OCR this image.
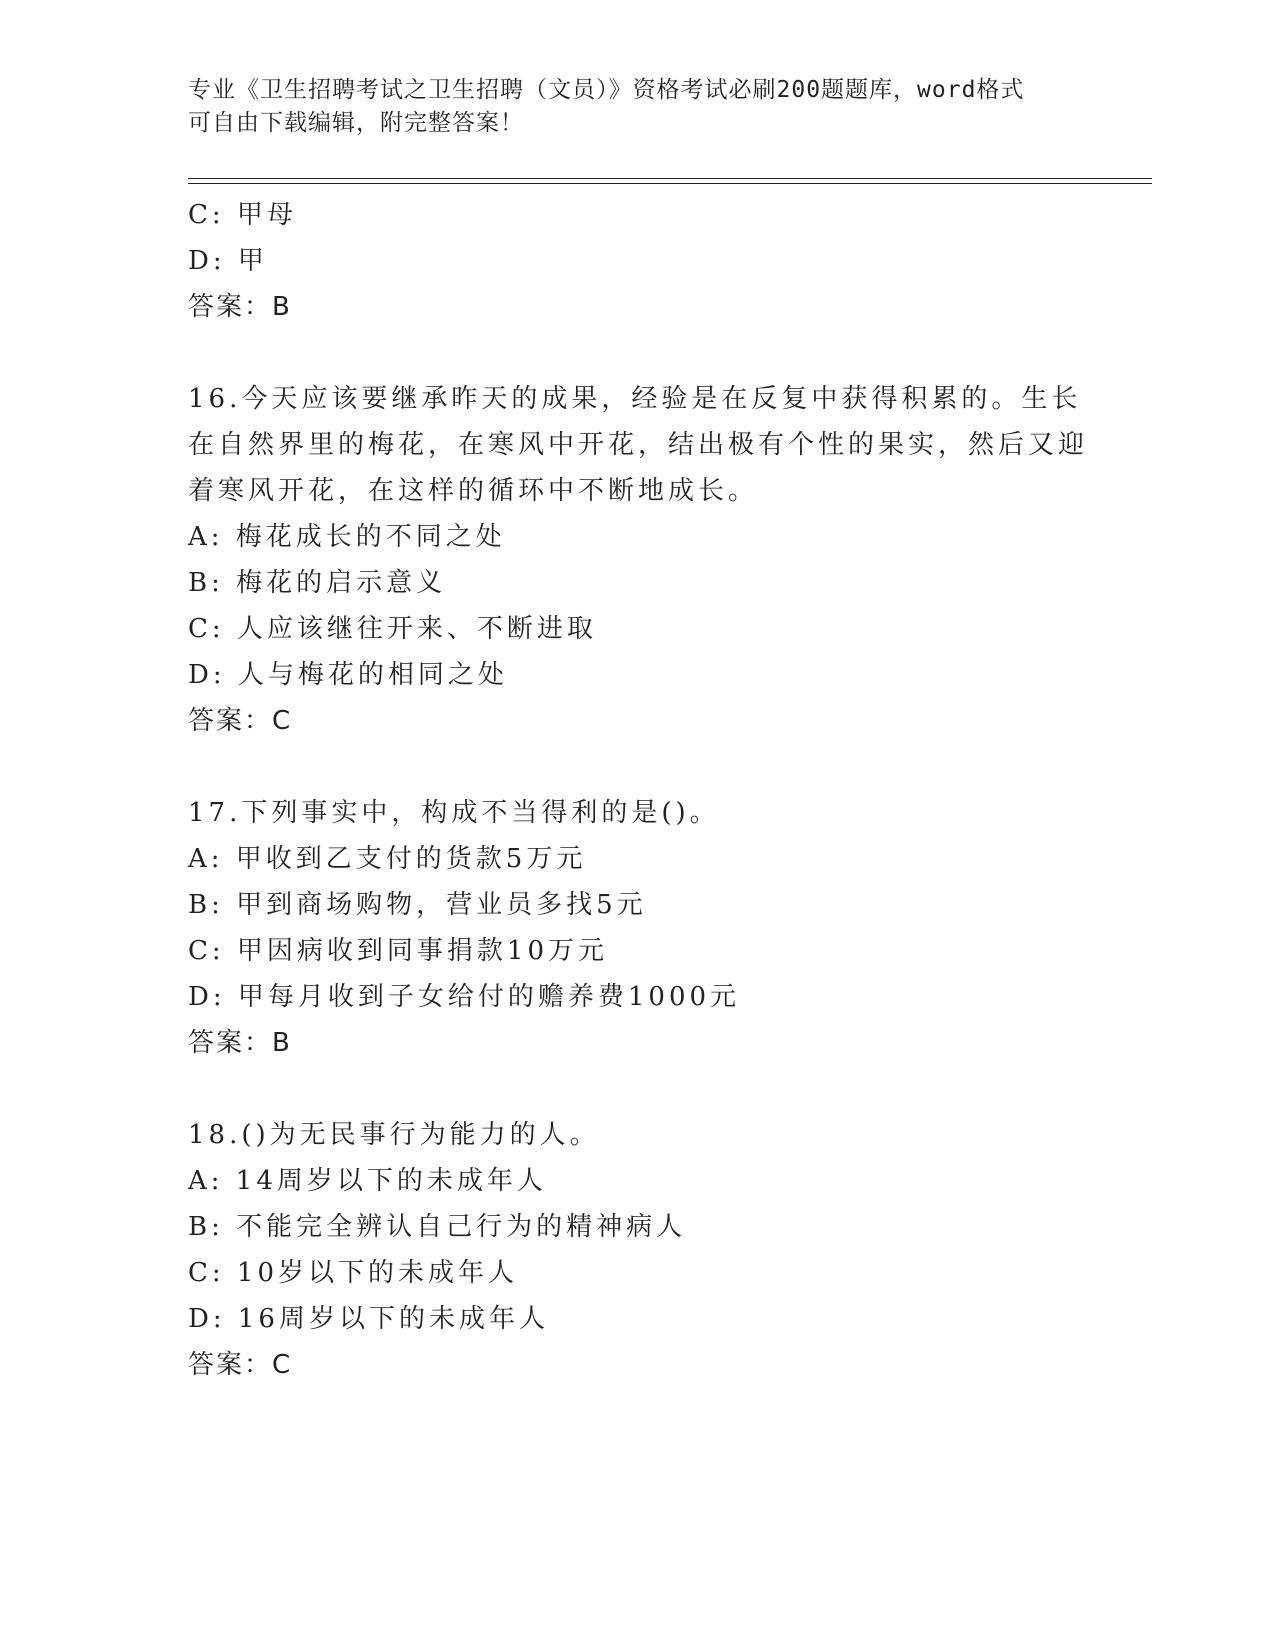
专业《卫生招聘考试之卫生招聘（文员）》资格考试必刷200题题库，word格式
可自由下载编辑，附完整答案！
C: 甲母
D: 甲
答案：B
16.今天应该要继承昨天的成果，经验是在反复中获得积累的。生长在自然界里的梅花，在寒风中开花，结出极有个性的果实，然后又迎着寒风开花，在这样的循环中不断地成长。
A: 梅花成长的不同之处
B: 梅花的启示意义
C: 人应该继往开来、不断进取
D: 人与梅花的相同之处
答案：C
17.下列事实中，构成不当得利的是()。
A: 甲收到乙支付的货款5万元
B: 甲到商场购物，营业员多找5元
C: 甲因病收到同事捐款10万元
D: 甲每月收到子女给付的赡养费1000元
答案：B
18.()为无民事行为能力的人。
A: 14周岁以下的未成年人
B: 不能完全辨认自己行为的精神病人
C: 10岁以下的未成年人
D: 16周岁以下的未成年人
答案：C
